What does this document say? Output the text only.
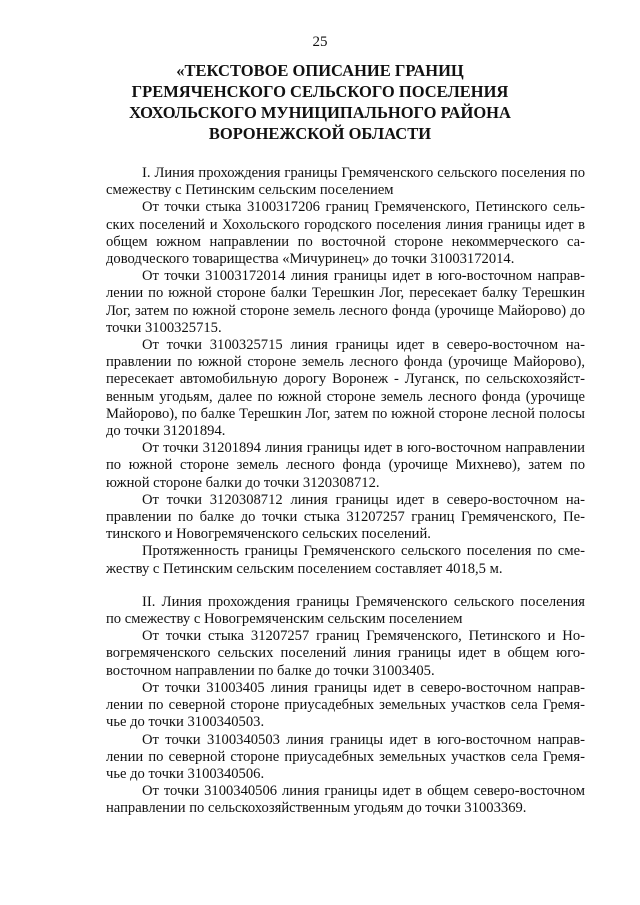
25
«ТЕКСТОВОЕ ОПИСАНИЕ ГРАНИЦ
ГРЕМЯЧЕНСКОГО СЕЛЬСКОГО ПОСЕЛЕНИЯ
ХОХОЛЬСКОГО МУНИЦИПАЛЬНОГО РАЙОНА
ВОРОНЕЖСКОЙ ОБЛАСТИ

I. Линия прохождения границы Гремяченского сельского поселения по смежеству с Петинским сельским поселением

От точки стыка 3100317206 границ Гремяченского, Петинского сельских поселений и Хохольского городского поселения линия границы идет в общем южном направлении по восточной стороне некоммерческого садоводческого товарищества «Мичуринец» до точки 31003172014.

От точки 31003172014 линия границы идет в юго-восточном направлении по южной стороне балки Терешкин Лог, пересекает балку Терешкин Лог, затем по южной стороне земель лесного фонда (урочище Майорово) до точки 3100325715.

От точки 3100325715 линия границы идет в северо-восточном направлении по южной стороне земель лесного фонда (урочище Майорово), пересекает автомобильную дорогу Воронеж - Луганск, по сельскохозяйственным угодьям, далее по южной стороне земель лесного фонда (урочище Майорово), по балке Терешкин Лог, затем по южной стороне лесной полосы до точки 31201894.

От точки 31201894 линия границы идет в юго-восточном направлении по южной стороне земель лесного фонда (урочище Михнево), затем по южной стороне балки до точки 3120308712.

От точки 3120308712 линия границы идет в северо-восточном направлении по балке до точки стыка 31207257 границ Гремяченского, Петинского и Новогремяченского сельских поселений.

Протяженность границы Гремяченского сельского поселения по смежеству с Петинским сельским поселением составляет 4018,5 м.

II. Линия прохождения границы Гремяченского сельского поселения по смежеству с Новогремяченским сельским поселением

От точки стыка 31207257 границ Гремяченского, Петинского и Новогремяченского сельских поселений линия границы идет в общем юго-восточном направлении по балке до точки 31003405.

От точки 31003405 линия границы идет в северо-восточном направлении по северной стороне приусадебных земельных участков села Гремячье до точки 3100340503.

От точки 3100340503 линия границы идет в юго-восточном направлении по северной стороне приусадебных земельных участков села Гремячье до точки 3100340506.

От точки 3100340506 линия границы идет в общем северо-восточном направлении по сельскохозяйственным угодьям до точки 31003369.
